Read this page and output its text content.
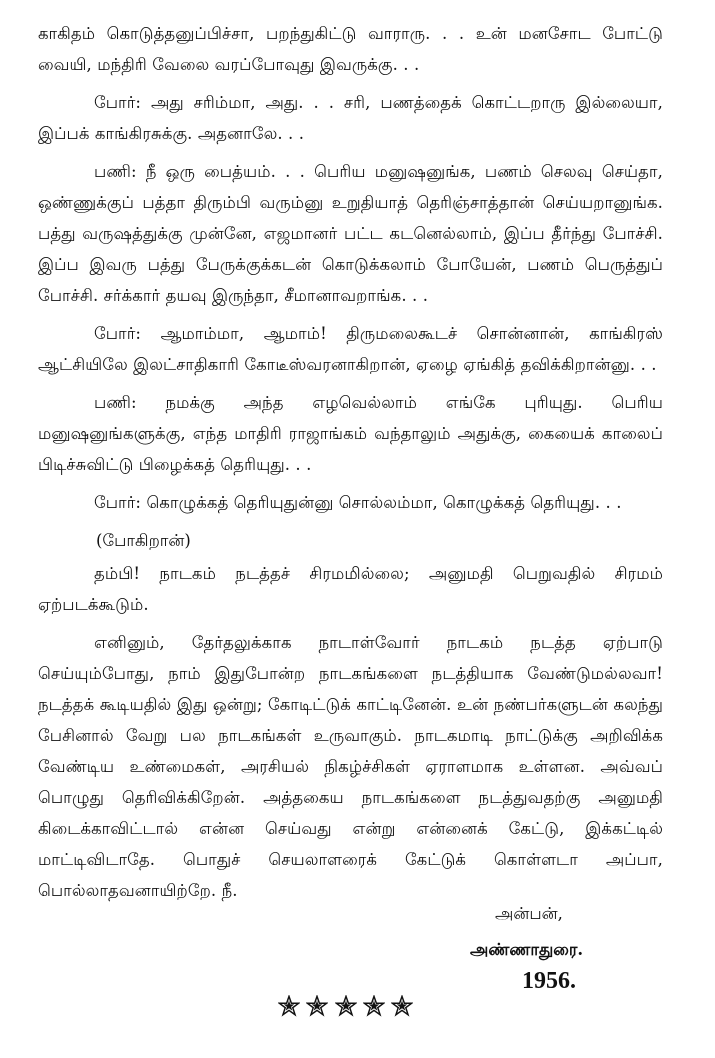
காகிதம் கொடுத்தனுப்பிச்சா, பறந்துகிட்டு வாராரு. . . உன் மனசோட போட்டு வையி, மந்திரி வேலை வரப்போவுது இவருக்கு. . .

போர்: அது சரிம்மா, அது. . . சரி, பணத்தைக் கொட்டறாரு இல்லையா, இப்பக் காங்கிரசுக்கு. அதனாலே. . .

பணி: நீ ஒரு பைத்யம். . . பெரிய மனுஷனுங்க, பணம் செலவு செய்தா, ஒண்ணுக்குப் பத்தா திரும்பி வரும்னு உறுதியாத் தெரிஞ்சாத்தான் செய்யறானுங்க. பத்து வருஷத்துக்கு முன்னே, எஜமானர் பட்ட கடனெல்லாம், இப்ப தீர்ந்து போச்சி. இப்ப இவரு பத்து பேருக்குக்கடன் கொடுக்கலாம் போயேன், பணம் பெருத்துப் போச்சி. சர்க்கார் தயவு இருந்தா, சீமானாவறாங்க. . .

போர்: ஆமாம்மா, ஆமாம்! திருமலைகூடச் சொன்னான், காங்கிரஸ் ஆட்சியிலே இலட்சாதிகாரி கோடீஸ்வரனாகிறான், ஏழை ஏங்கித் தவிக்கிறான்னு. . .

பணி: நமக்கு அந்த எழவெல்லாம் எங்கே புரியுது. பெரிய மனுஷனுங்களுக்கு, எந்த மாதிரி ராஜாங்கம் வந்தாலும் அதுக்கு, கையைக் காலைப் பிடிச்சுவிட்டு பிழைக்கத் தெரியுது. . .

போர்: கொழுக்கத் தெரியுதுன்னு சொல்லம்மா, கொழுக்கத் தெரியுது. . .

(போகிறான்)

தம்பி! நாடகம் நடத்தச் சிரமமில்லை; அனுமதி பெறுவதில் சிரமம் ஏற்படக்கூடும்.

எனினும், தேர்தலுக்காக நாடாள்வோர் நாடகம் நடத்த ஏற்பாடு செய்யும்போது, நாம் இதுபோன்ற நாடகங்களை நடத்தியாக வேண்டுமல்லவா! நடத்தக் கூடியதில் இது ஒன்று; கோடிட்டுக் காட்டினேன். உன் நண்பர்களுடன் கலந்து பேசினால் வேறு பல நாடகங்கள் உருவாகும். நாடகமாடி நாட்டுக்கு அறிவிக்க வேண்டிய உண்மைகள், அரசியல் நிகழ்ச்சிகள் ஏராளமாக உள்ளன. அவ்வப் பொழுது தெரிவிக்கிறேன். அத்தகைய நாடகங்களை நடத்துவதற்கு அனுமதி கிடைக்காவிட்டால் என்ன செய்வது என்று என்னைக் கேட்டு, இக்கட்டில் மாட்டிவிடாதே. பொதுச் செயலாளரைக் கேட்டுக் கொள்ளடா அப்பா, பொல்லாதவனாயிற்றே. நீ.

அன்பன்,
அண்ணாதுரை.
1956.
